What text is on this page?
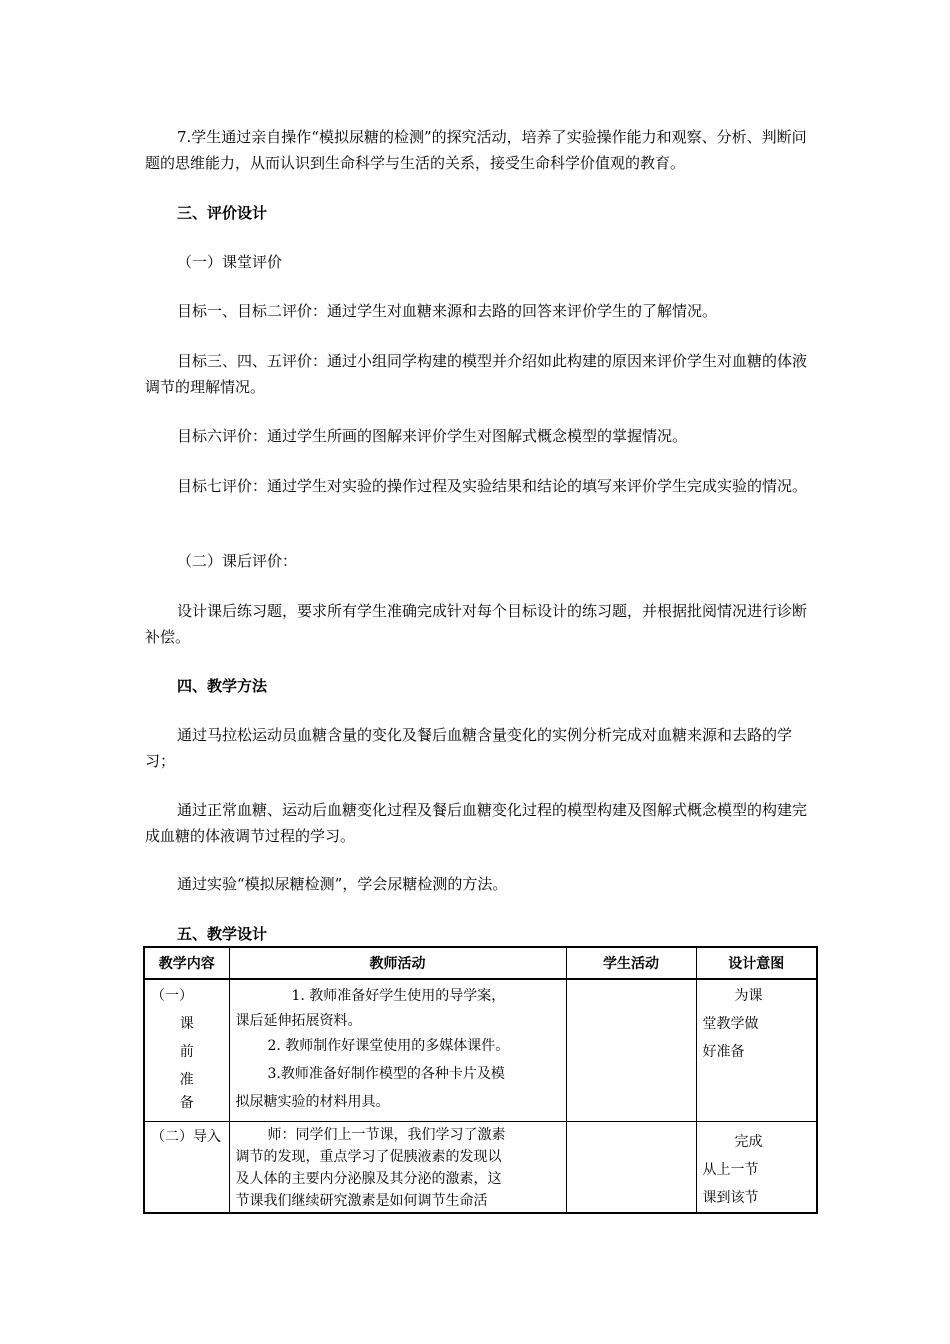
7.学生通过亲自操作“模拟尿糖的检测”的探究活动，培养了实验操作能力和观察、分析、判断问题的思维能力，从而认识到生命科学与生活的关系，接受生命科学价值观的教育。

三、评价设计

（一）课堂评价

目标一、目标二评价：通过学生对血糖来源和去路的回答来评价学生的了解情况。

目标三、四、五评价：通过小组同学构建的模型并介绍如此构建的原因来评价学生对血糖的体液调节的理解情况。

目标六评价：通过学生所画的图解来评价学生对图解式概念模型的掌握情况。

目标七评价：通过学生对实验的操作过程及实验结果和结论的填写来评价学生完成实验的情况。

（二）课后评价：

设计课后练习题，要求所有学生准确完成针对每个目标设计的练习题，并根据批阅情况进行诊断补偿。

四、教学方法

通过马拉松运动员血糖含量的变化及餐后血糖含量变化的实例分析完成对血糖来源和去路的学习；

通过正常血糖、运动后血糖变化过程及餐后血糖变化过程的模型构建及图解式概念模型的构建完成血糖的体液调节过程的学习。

通过实验“模拟尿糖检测”，学会尿糖检测的方法。

五、教学设计

教学内容	教师活动	学生活动	设计意图

（一）
课
前
准
备	1. 教师准备好学生使用的导学案，
课后延伸拓展资料。
2. 教师制作好课堂使用的多媒体课件。
3.教师准备好制作模型的各种卡片及模
拟尿糖实验的材料用具。		为课
堂教学做
好准备

（二）导入	师：同学们上一节课，我们学习了激素
调节的发现，重点学习了促胰液素的发现以
及人体的主要内分泌腺及其分泌的激素，这
节课我们继续研究激素是如何调节生命活		完成
从上一节
课到该节
